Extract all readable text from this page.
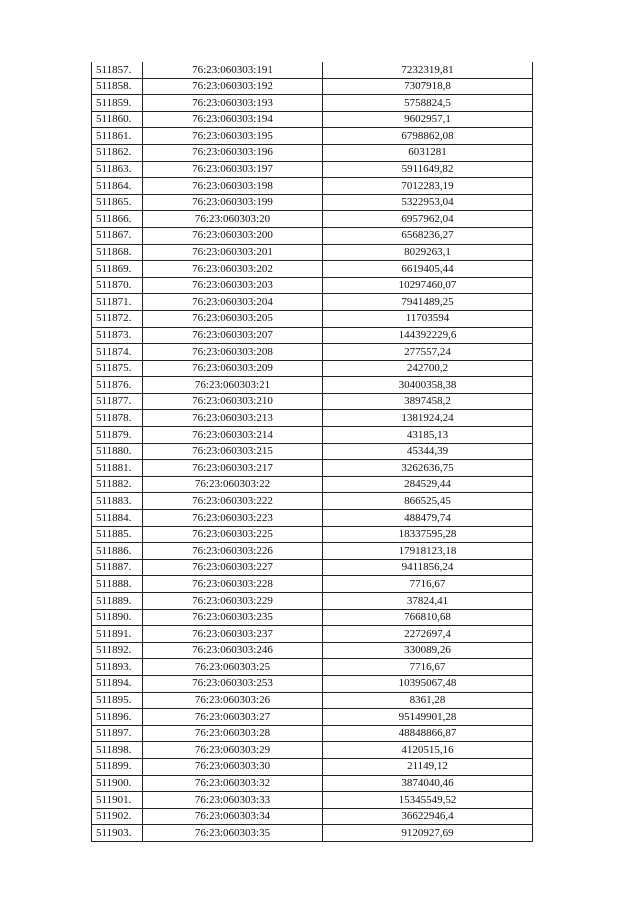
511857.	76:23:060303:191	7232319,81
511858.	76:23:060303:192	7307918,8
511859.	76:23:060303:193	5758824,5
511860.	76:23:060303:194	9602957,1
511861.	76:23:060303:195	6798862,08
511862.	76:23:060303:196	6031281
511863.	76:23:060303:197	5911649,82
511864.	76:23:060303:198	7012283,19
511865.	76:23:060303:199	5322953,04
511866.	76:23:060303:20	6957962,04
511867.	76:23:060303:200	6568236,27
511868.	76:23:060303:201	8029263,1
511869.	76:23:060303:202	6619405,44
511870.	76:23:060303:203	10297460,07
511871.	76:23:060303:204	7941489,25
511872.	76:23:060303:205	11703594
511873.	76:23:060303:207	144392229,6
511874.	76:23:060303:208	277557,24
511875.	76:23:060303:209	242700,2
511876.	76:23:060303:21	30400358,38
511877.	76:23:060303:210	3897458,2
511878.	76:23:060303:213	1381924,24
511879.	76:23:060303:214	43185,13
511880.	76:23:060303:215	45344,39
511881.	76:23:060303:217	3262636,75
511882.	76:23:060303:22	284529,44
511883.	76:23:060303:222	866525,45
511884.	76:23:060303:223	488479,74
511885.	76:23:060303:225	18337595,28
511886.	76:23:060303:226	17918123,18
511887.	76:23:060303:227	9411856,24
511888.	76:23:060303:228	7716,67
511889.	76:23:060303:229	37824,41
511890.	76:23:060303:235	766810,68
511891.	76:23:060303:237	2272697,4
511892.	76:23:060303:246	330089,26
511893.	76:23:060303:25	7716,67
511894.	76:23:060303:253	10395067,48
511895.	76:23:060303:26	8361,28
511896.	76:23:060303:27	95149901,28
511897.	76:23:060303:28	48848866,87
511898.	76:23:060303:29	4120515,16
511899.	76:23:060303:30	21149,12
511900.	76:23:060303:32	3874040,46
511901.	76:23:060303:33	15345549,52
511902.	76:23:060303:34	36622946,4
511903.	76:23:060303:35	9120927,69
